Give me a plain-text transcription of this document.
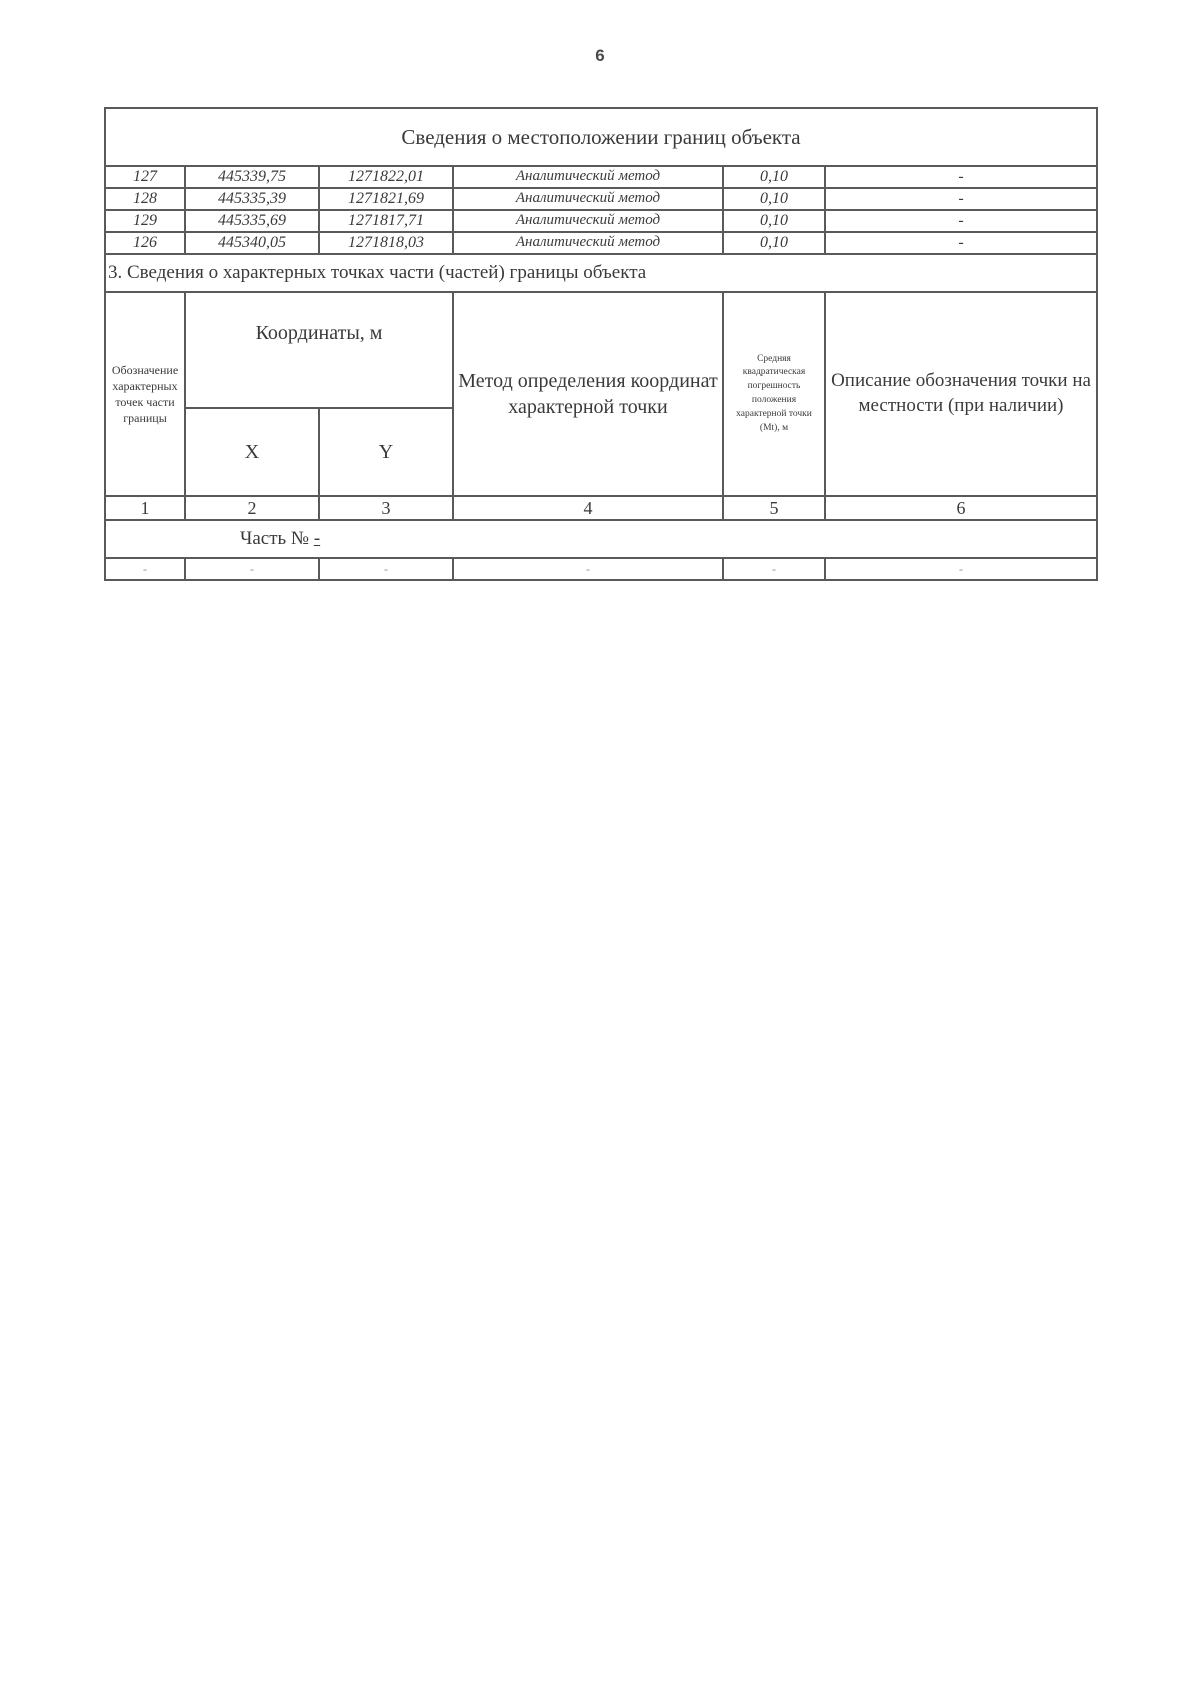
6
Сведения о местоположении границ объекта					
127	445339,75	1271822,01	Аналитический метод	0,10	-
128	445335,39	1271821,69	Аналитический метод	0,10	-
129	445335,69	1271817,71	Аналитический метод	0,10	-
126	445340,05	1271818,03	Аналитический метод	0,10	-
3. Сведения о характерных точках части (частей) границы объекта					
Обозначение характерных точек части границы	Координаты, м		Метод определения координат характерной точки	Средняя квадратическая погрешность положения характерной точки (Mt), м	Описание обозначения точки на местности (при наличии)
	X	Y			
1	2	3	4	5	6
Часть № -					
-	-	-	-	-	-
